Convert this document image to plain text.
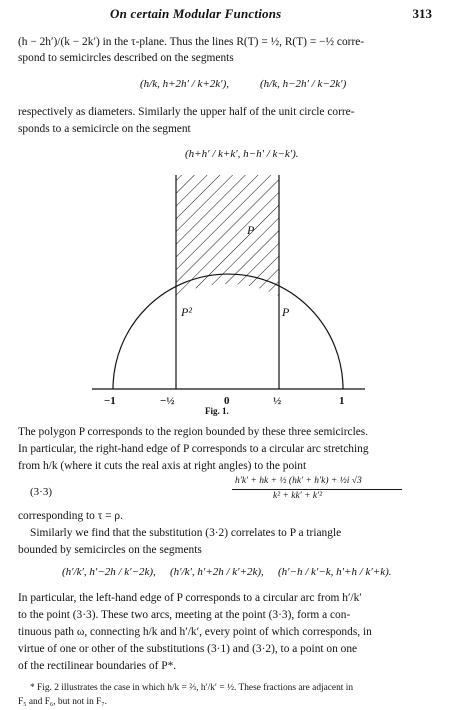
On certain Modular Functions	313
(h − 2h′)/(k − 2k′) in the τ-plane. Thus the lines R(T) = ½, R(T) = −½ corre-
spond to semicircles described on the segments
(h/k, h+2h′ / k+2k′),	(h/k, h−2h′ / k−2k′)
respectively as diameters. Similarly the upper half of the unit circle corre-
sponds to a semicircle on the segment
(h+h′ / k+k′, h−h′ / k−k′).
P
P²	P
−1	−½	0	½	1
Fig. 1.
The polygon P corresponds to the region bounded by these three semicircles.
In particular, the right-hand edge of P corresponds to a circular arc stretching
from h/k (where it cuts the real axis at right angles) to the point
(3·3)
h′k′ + hk + ½ (hk′ + h′k) + ½i √3
k² + kk′ + k′²
corresponding to τ = ρ.
Similarly we find that the substitution (3·2) correlates to P a triangle
bounded by semicircles on the segments
(h′/k′, h′−2h / k′−2k), (h′/k′, h′+2h / k′+2k), (h′−h / k′−k, h′+h / k′+k).
In particular, the left-hand edge of P corresponds to a circular arc from h′/k′
to the point (3·3). These two arcs, meeting at the point (3·3), form a con-
tinuous path ω, connecting h/k and h′/k′, every point of which corresponds, in
virtue of one or other of the substitutions (3·1) and (3·2), to a point on one
of the rectilinear boundaries of P*.
* Fig. 2 illustrates the case in which h/k = ⅔, h′/k′ = ½. These fractions are adjacent in
F₅ and F₆, but not in F₇.
